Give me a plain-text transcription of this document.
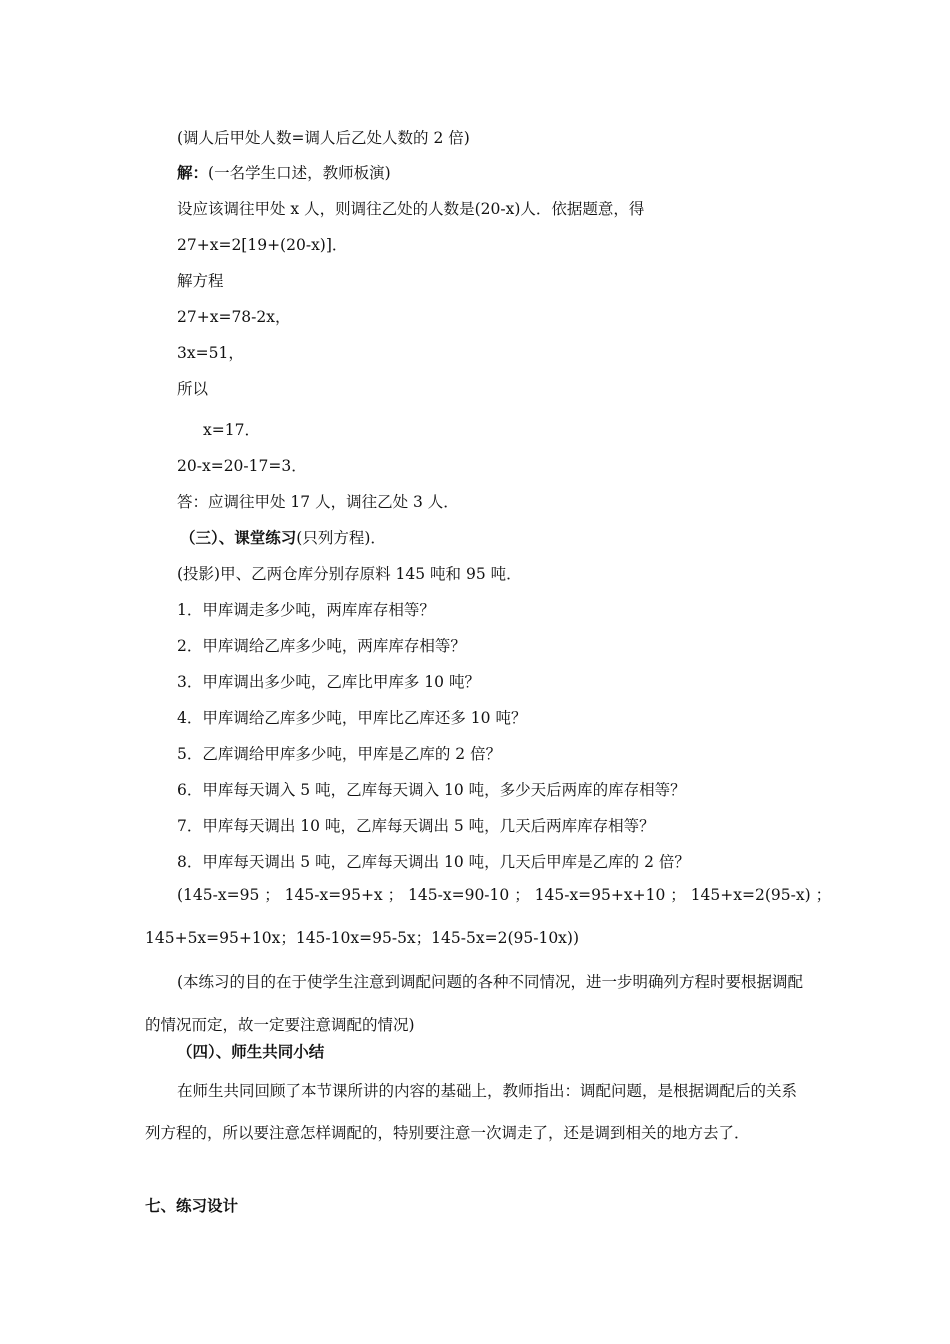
(调人后甲处人数=调人后乙处人数的 2 倍)
解：(一名学生口述，教师板演)
设应该调往甲处 x 人，则调往乙处的人数是(20-x)人．依据题意，得
27+x=2[19+(20-x)]．
解方程
27+x=78-2x，
3x=51，
所以
x=17．
20-x=20-17=3．
答：应调往甲处 17 人，调往乙处 3 人．
（三）、课堂练习(只列方程)．
(投影)甲、乙两仓库分别存原料 145 吨和 95 吨．
1．甲库调走多少吨，两库库存相等？
2．甲库调给乙库多少吨，两库库存相等？
3．甲库调出多少吨，乙库比甲库多 10 吨？
4．甲库调给乙库多少吨，甲库比乙库还多 10 吨？
5．乙库调给甲库多少吨，甲库是乙库的 2 倍？
6．甲库每天调入 5 吨，乙库每天调入 10 吨，多少天后两库的库存相等？
7．甲库每天调出 10 吨，乙库每天调出 5 吨，几天后两库库存相等？
8．甲库每天调出 5 吨，乙库每天调出 10 吨，几天后甲库是乙库的 2 倍？
(145-x=95 ； 145-x=95+x ； 145-x=90-10 ； 145-x=95+x+10 ； 145+x=2(95-x) ；
145+5x=95+10x；145-10x=95-5x；145-5x=2(95-10x))
(本练习的目的在于使学生注意到调配问题的各种不同情况，进一步明确列方程时要根据调配的情况而定，故一定要注意调配的情况)
（四）、师生共同小结
在师生共同回顾了本节课所讲的内容的基础上，教师指出：调配问题，是根据调配后的关系列方程的，所以要注意怎样调配的，特别要注意一次调走了，还是调到相关的地方去了．
七、练习设计
